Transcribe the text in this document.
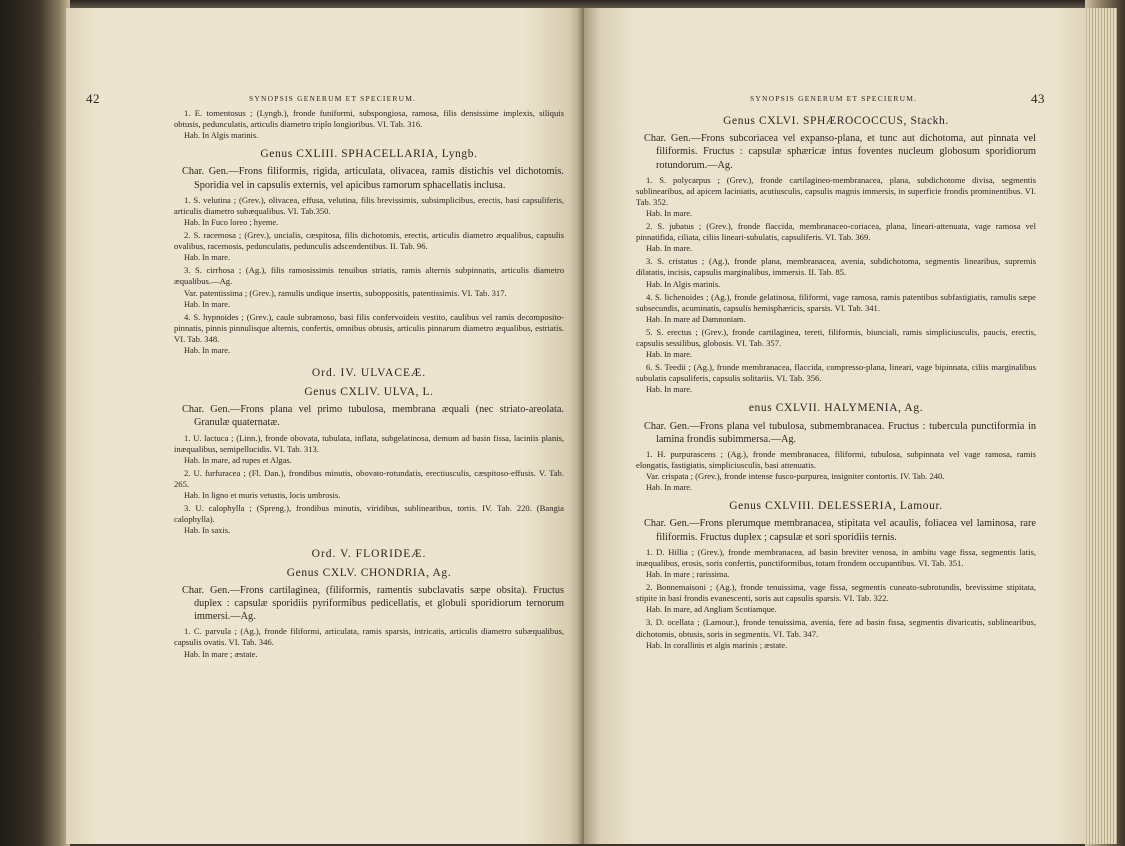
42	SYNOPSIS GENERUM ET SPECIERUM.

1. E. tomentosus ; (Lyngb.), fronde funiformi, subspongiosa, ramosa, filis densissime implexis, siliquis obtusis, pedunculatis, articulis diametro triplo longioribus. VI. Tab. 316.

Hab. In Algis marinis.

Genus CXLIII. SPHACELLARIA, Lyngb.

Char. Gen.—Frons filiformis, rigida, articulata, olivacea, ramis distichis vel dichotomis. Sporidia vel in capsulis externis, vel apicibus ramorum sphacellatis inclusa.

1. S. velutina ; (Grev.), olivacea, effusa, velutina, filis brevissimis, subsimplicibus, erectis, basi capsuliferis, articulis diametro subæqualibus. VI. Tab.350.

Hab. In Fuco loreo ; hyeme.

2. S. racemosa ; (Grev.), uncialis, cæspitosa, filis dichotomis, erectis, articulis diametro æqualibus, capsulis ovalibus, racemosis, pedunculatis, pedunculis adscendentibus. II. Tab. 96.

Hab. In mare.

3. S. cirrhosa ; (Ag.), filis ramosissimis tenuibus striatis, ramis alternis subpinnatis, articulis diametro æqualibus.—Ag.

Var. patentissima ; (Grev.), ramulis undique insertis, suboppositis, patentissimis. VI. Tab. 317.

Hab. In mare.

4. S. hypnoides ; (Grev.), caule subramoso, basi filis confervoideis vestito, caulibus vel ramis decomposito-pinnatis, pinnis pinnulisque alternis, confertis, omnibus obtusis, articulis pinnarum diametro æqualibus, estriatis. VI. Tab. 348.

Hab. In mare.

Ord. IV. ULVACEÆ.

Genus CXLIV. ULVA, L.

Char. Gen.—Frons plana vel primo tubulosa, membrana æquali (nec striato-areolata. Granulæ quaternatæ.

1. U. lactuca ; (Linn.), fronde obovata, tubulata, inflata, subgelatinosa, demum ad basin fissa, laciniis planis, inæqualibus, semipellucidis. VI. Tab. 313.

Hab. In mare, ad rupes et Algas.

2. U. furfuracea ; (Fl. Dan.), frondibus minutis, obovato-rotundatis, erectiusculis, cæspitoso-effusis. V. Tab. 265.

Hab. In ligno et muris vetustis, locis umbrosis.

3. U. calophylla ; (Spreng.), frondibus minutis, viridibus, sublinearibus, tortis. IV. Tab. 220. (Bangia calophylla).

Hab. In saxis.

Ord. V. FLORIDEÆ.

Genus CXLV. CHONDRIA, Ag.

Char. Gen.—Frons cartilaginea, (filiformis, ramentis subclavatis sæpe obsita). Fructus duplex : capsulæ sporidiis pyriformibus pedicellatis, et globuli sporidiorum ternorum immersi.—Ag.

1. C. parvula ; (Ag.), fronde filiformi, articulata, ramis sparsis, intricatis, articulis diametro subæqualibus, capsulis ovatis. VI. Tab. 346.

Hab. In mare ; æstate.

SYNOPSIS GENERUM ET SPECIERUM.	43

Genus CXLVI. SPHÆROCOCCUS, Stackh.

Char. Gen.—Frons subcoriacea vel expanso-plana, et tunc aut dichotoma, aut pinnata vel filiformis. Fructus : capsulæ sphæricæ intus foventes nucleum globosum sporidiorum rotundorum.—Ag.

1. S. polycarpus ; (Grev.), fronde cartilagineo-membranacea, plana, subdichotome divisa, segmentis sublinearibus, ad apicem laciniatis, acutiusculis, capsulis magnis immersis, in superficie frondis prominentibus. VI. Tab. 352.

Hab. In mare.

2. S. jubatus ; (Grev.), fronde flaccida, membranaceo-coriacea, plana, lineari-attenuata, vage ramosa vel pinnatifida, ciliata, ciliis lineari-subulatis, capsuliferis. VI. Tab. 369.

Hab. In mare.

3. S. cristatus ; (Ag.), fronde plana, membranacea, avenia, subdichotoma, segmentis linearibus, supremis dilatatis, incisis, capsulis marginalibus, immersis. II. Tab. 85.

Hab. In Algis marinis.

4. S. lichenoides ; (Ag.), fronde gelatinosa, filiformi, vage ramosa, ramis patentibus subfastigiatis, ramulis sæpe subsecundis, acuminatis, capsulis hemisphæricis, sparsis. VI. Tab. 341.

Hab. In mare ad Damnoniam.

5. S. erectus ; (Grev.), fronde cartilaginea, tereti, filiformis, biunciali, ramis simpliciusculis, paucis, erectis, capsulis sessilibus, globosis. VI. Tab. 357.

Hab. In mare.

6. S. Teedii ; (Ag.), fronde membranacea, flaccida, compresso-plana, lineari, vage bipinnata, ciliis marginalibus subulatis capsuliferis, capsulis solitariis. VI. Tab. 356.

Hab. In mare.

enus CXLVII. HALYMENIA, Ag.

Char. Gen.—Frons plana vel tubulosa, submembranacea. Fructus : tubercula punctiformia in lamina frondis subimmersa.—Ag.

1. H. purpurascens ; (Ag.), fronde membranacea, filiformi, tubulosa, subpinnata vel vage ramosa, ramis elongatis, fastigiatis, simpliciusculis, basi attenuatis.

Var. crispata ; (Grev.), fronde intense fusco-purpurea, insigniter contortis. IV. Tab. 240.

Hab. In mare.

Genus CXLVIII. DELESSERIA, Lamour.

Char. Gen.—Frons plerumque membranacea, stipitata vel acaulis, foliacea vel laminosa, rare filiformis. Fructus duplex ; capsulæ et sori sporidiis ternis.

1. D. Hillia ; (Grev.), fronde membranacea, ad basin breviter venosa, in ambitu vage fissa, segmentis latis, inæqualibus, erosis, soris confertis, punctiformibus, totam frondem occupantibus. VI. Tab. 351.

Hab. In mare ; rarissima.

2. Bonnemaisoni ; (Ag.), fronde tenuissima, vage fissa, segmentis cuneato-subrotundis, brevissime stipitata, stipite in basi frondis evanescenti, soris aut capsulis sparsis. VI. Tab. 322.

Hab. In mare, ad Angliam Scotiamque.

3. D. ocellata ; (Lamour.), fronde tenuissima, avenia, fere ad basin fissa, segmentis divaricatis, sublinearibus, dichotomis, obtusis, soris in segmentis. VI. Tab. 347.

Hab. In corallinis et algis marinis ; æstate.
